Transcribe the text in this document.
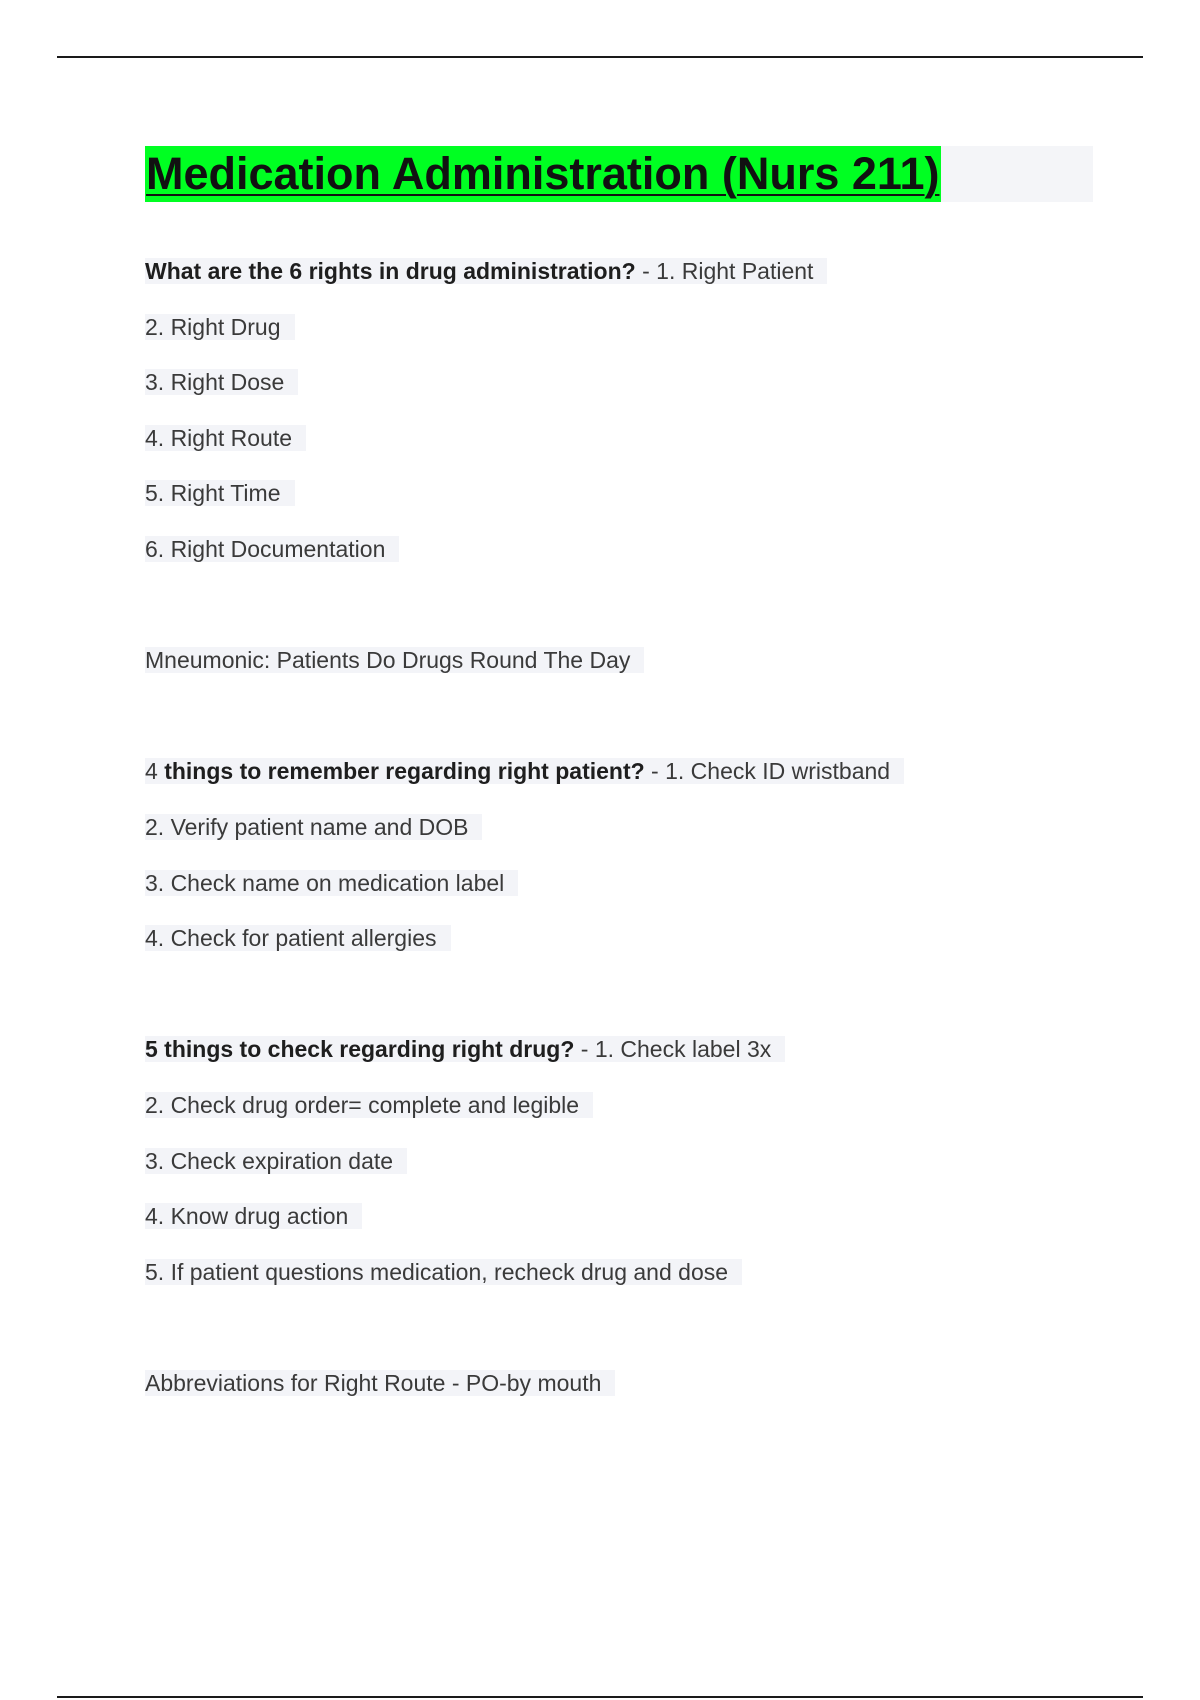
Medication Administration (Nurs 211)
What are the 6 rights in drug administration? - 1. Right Patient
2. Right Drug
3. Right Dose
4. Right Route
5. Right Time
6. Right Documentation
Mneumonic: Patients Do Drugs Round The Day
4 things to remember regarding right patient? - 1. Check ID wristband
2. Verify patient name and DOB
3. Check name on medication label
4. Check for patient allergies
5 things to check regarding right drug? - 1. Check label 3x
2. Check drug order= complete and legible
3. Check expiration date
4. Know drug action
5. If patient questions medication, recheck drug and dose
Abbreviations for Right Route - PO-by mouth
